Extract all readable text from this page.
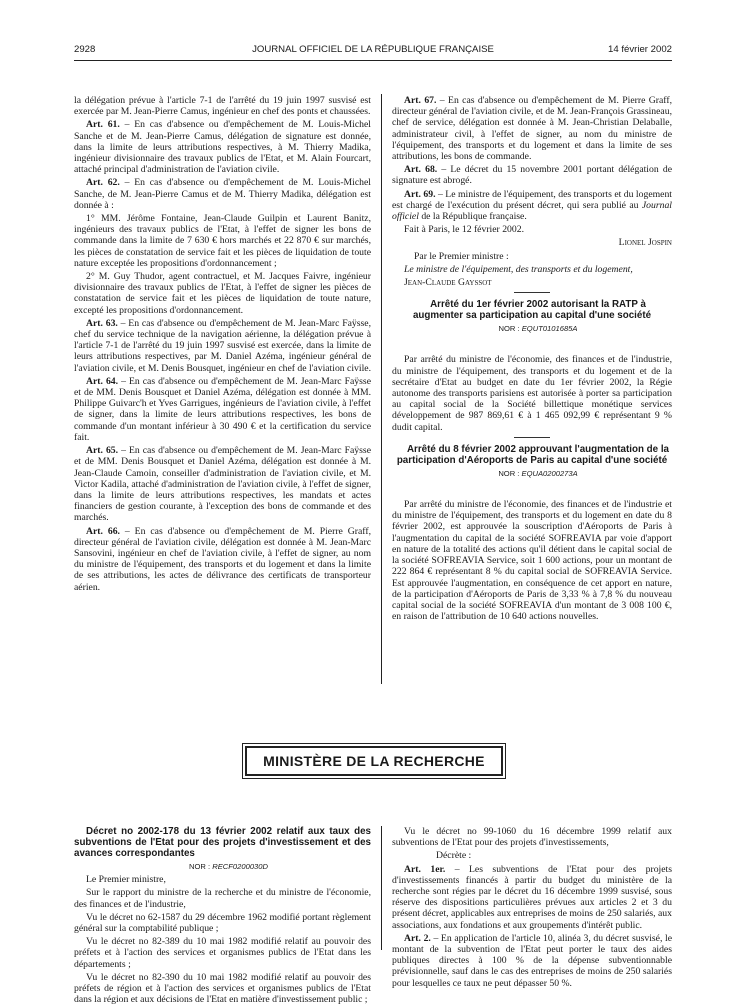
2928	JOURNAL OFFICIEL DE LA RÉPUBLIQUE FRANÇAISE	14 février 2002

la délégation prévue à l'article 7-1 de l'arrêté du 19 juin 1997 susvisé est exercée par M. Jean-Pierre Camus, ingénieur en chef des ponts et chaussées.

Art. 61. – En cas d'absence ou d'empêchement de M. Louis-Michel Sanche et de M. Jean-Pierre Camus, délégation de signature est donnée, dans la limite de leurs attributions respectives, à M. Thierry Madika, ingénieur divisionnaire des travaux publics de l'Etat, et M. Alain Fourcart, attaché principal d'administration de l'aviation civile.

Art. 62. – En cas d'absence ou d'empêchement de M. Louis-Michel Sanche, de M. Jean-Pierre Camus et de M. Thierry Madika, délégation est donnée à :

1° MM. Jérôme Fontaine, Jean-Claude Guilpin et Laurent Banitz, ingénieurs des travaux publics de l'Etat, à l'effet de signer les bons de commande dans la limite de 7 630 € hors marchés et 22 870 € sur marchés, les pièces de constatation de service fait et les pièces de liquidation de toute nature exceptée les propositions d'ordonnancement ;

2° M. Guy Thudor, agent contractuel, et M. Jacques Faivre, ingénieur divisionnaire des travaux publics de l'Etat, à l'effet de signer les pièces de constatation de service fait et les pièces de liquidation de toute nature, excepté les propositions d'ordonnancement.

Art. 63. – En cas d'absence ou d'empêchement de M. Jean-Marc Faÿsse, chef du service technique de la navigation aérienne, la délégation prévue à l'article 7-1 de l'arrêté du 19 juin 1997 susvisé est exercée, dans la limite de leurs attributions respectives, par M. Daniel Azéma, ingénieur général de l'aviation civile, et M. Denis Bousquet, ingénieur en chef de l'aviation civile.

Art. 64. – En cas d'absence ou d'empêchement de M. Jean-Marc Faÿsse et de MM. Denis Bousquet et Daniel Azéma, délégation est donnée à MM. Philippe Guivarc'h et Yves Garrigues, ingénieurs de l'aviation civile, à l'effet de signer, dans la limite de leurs attributions respectives, les bons de commande d'un montant inférieur à 30 490 € et la certification du service fait.

Art. 65. – En cas d'absence ou d'empêchement de M. Jean-Marc Faÿsse et de MM. Denis Bousquet et Daniel Azéma, délégation est donnée à M. Jean-Claude Camoin, conseiller d'administration de l'aviation civile, et M. Victor Kadila, attaché d'administration de l'aviation civile, à l'effet de signer, dans la limite de leurs attributions respectives, les mandats et actes financiers de gestion courante, à l'exception des bons de commande et des marchés.

Art. 66. – En cas d'absence ou d'empêchement de M. Pierre Graff, directeur général de l'aviation civile, délégation est donnée à M. Jean-Marc Sansovini, ingénieur en chef de l'aviation civile, à l'effet de signer, au nom du ministre de l'équipement, des transports et du logement et dans la limite de ses attributions, les actes de délivrance des certificats de transporteur aérien.

Art. 67. – En cas d'absence ou d'empêchement de M. Pierre Graff, directeur général de l'aviation civile, et de M. Jean-François Grassineau, chef de service, délégation est donnée à M. Jean-Christian Delaballe, administrateur civil, à l'effet de signer, au nom du ministre de l'équipement, des transports et du logement et dans la limite de ses attributions, les bons de commande.

Art. 68. – Le décret du 15 novembre 2001 portant délégation de signature est abrogé.

Art. 69. – Le ministre de l'équipement, des transports et du logement est chargé de l'exécution du présent décret, qui sera publié au Journal officiel de la République française.

Fait à Paris, le 12 février 2002.

Lionel Jospin

Par le Premier ministre :

Le ministre de l'équipement, des transports et du logement,

Jean-Claude Gayssot

Arrêté du 1er février 2002 autorisant la RATP à augmenter sa participation au capital d'une société

NOR : EQUT0101685A

Par arrêté du ministre de l'économie, des finances et de l'industrie, du ministre de l'équipement, des transports et du logement et de la secrétaire d'Etat au budget en date du 1er février 2002, la Régie autonome des transports parisiens est autorisée à porter sa participation au capital social de la Société billettique monétique services développement de 987 869,61 € à 1 465 092,99 € représentant 9 % dudit capital.

Arrêté du 8 février 2002 approuvant l'augmentation de la participation d'Aéroports de Paris au capital d'une société

NOR : EQUA0200273A

Par arrêté du ministre de l'économie, des finances et de l'industrie et du ministre de l'équipement, des transports et du logement en date du 8 février 2002, est approuvée la souscription d'Aéroports de Paris à l'augmentation du capital de la société SOFREAVIA par voie d'apport en nature de la totalité des actions qu'il détient dans le capital social de la société SOFREAVIA Service, soit 1 600 actions, pour un montant de 222 864 € représentant 8 % du capital social de SOFREAVIA Service. Est approuvée l'augmentation, en conséquence de cet apport en nature, de la participation d'Aéroports de Paris de 3,33 % à 7,8 % du nouveau capital social de la société SOFREAVIA d'un montant de 3 008 100 €, en raison de l'attribution de 10 640 actions nouvelles.

MINISTÈRE DE LA RECHERCHE

Décret no 2002-178 du 13 février 2002 relatif aux taux des subventions de l'Etat pour des projets d'investissement et des avances correspondantes

NOR : RECF0200030D

Le Premier ministre,

Sur le rapport du ministre de la recherche et du ministre de l'économie, des finances et de l'industrie,

Vu le décret no 62-1587 du 29 décembre 1962 modifié portant règlement général sur la comptabilité publique ;

Vu le décret no 82-389 du 10 mai 1982 modifié relatif au pouvoir des préfets et à l'action des services et organismes publics de l'Etat dans les départements ;

Vu le décret no 82-390 du 10 mai 1982 modifié relatif au pouvoir des préfets de région et à l'action des services et organismes publics de l'Etat dans la région et aux décisions de l'Etat en matière d'investissement public ;

Vu le décret no 99-1060 du 16 décembre 1999 relatif aux subventions de l'Etat pour des projets d'investissements,

Décrète :

Art. 1er. – Les subventions de l'Etat pour des projets d'investissements financés à partir du budget du ministère de la recherche sont régies par le décret du 16 décembre 1999 susvisé, sous réserve des dispositions particulières prévues aux articles 2 et 3 du présent décret, applicables aux entreprises de moins de 250 salariés, aux associations, aux fondations et aux groupements d'intérêt public.

Art. 2. – En application de l'article 10, alinéa 3, du décret susvisé, le montant de la subvention de l'Etat peut porter le taux des aides publiques directes à 100 % de la dépense subventionnable prévisionnelle, sauf dans le cas des entreprises de moins de 250 salariés pour lesquelles ce taux ne peut dépasser 50 %.
